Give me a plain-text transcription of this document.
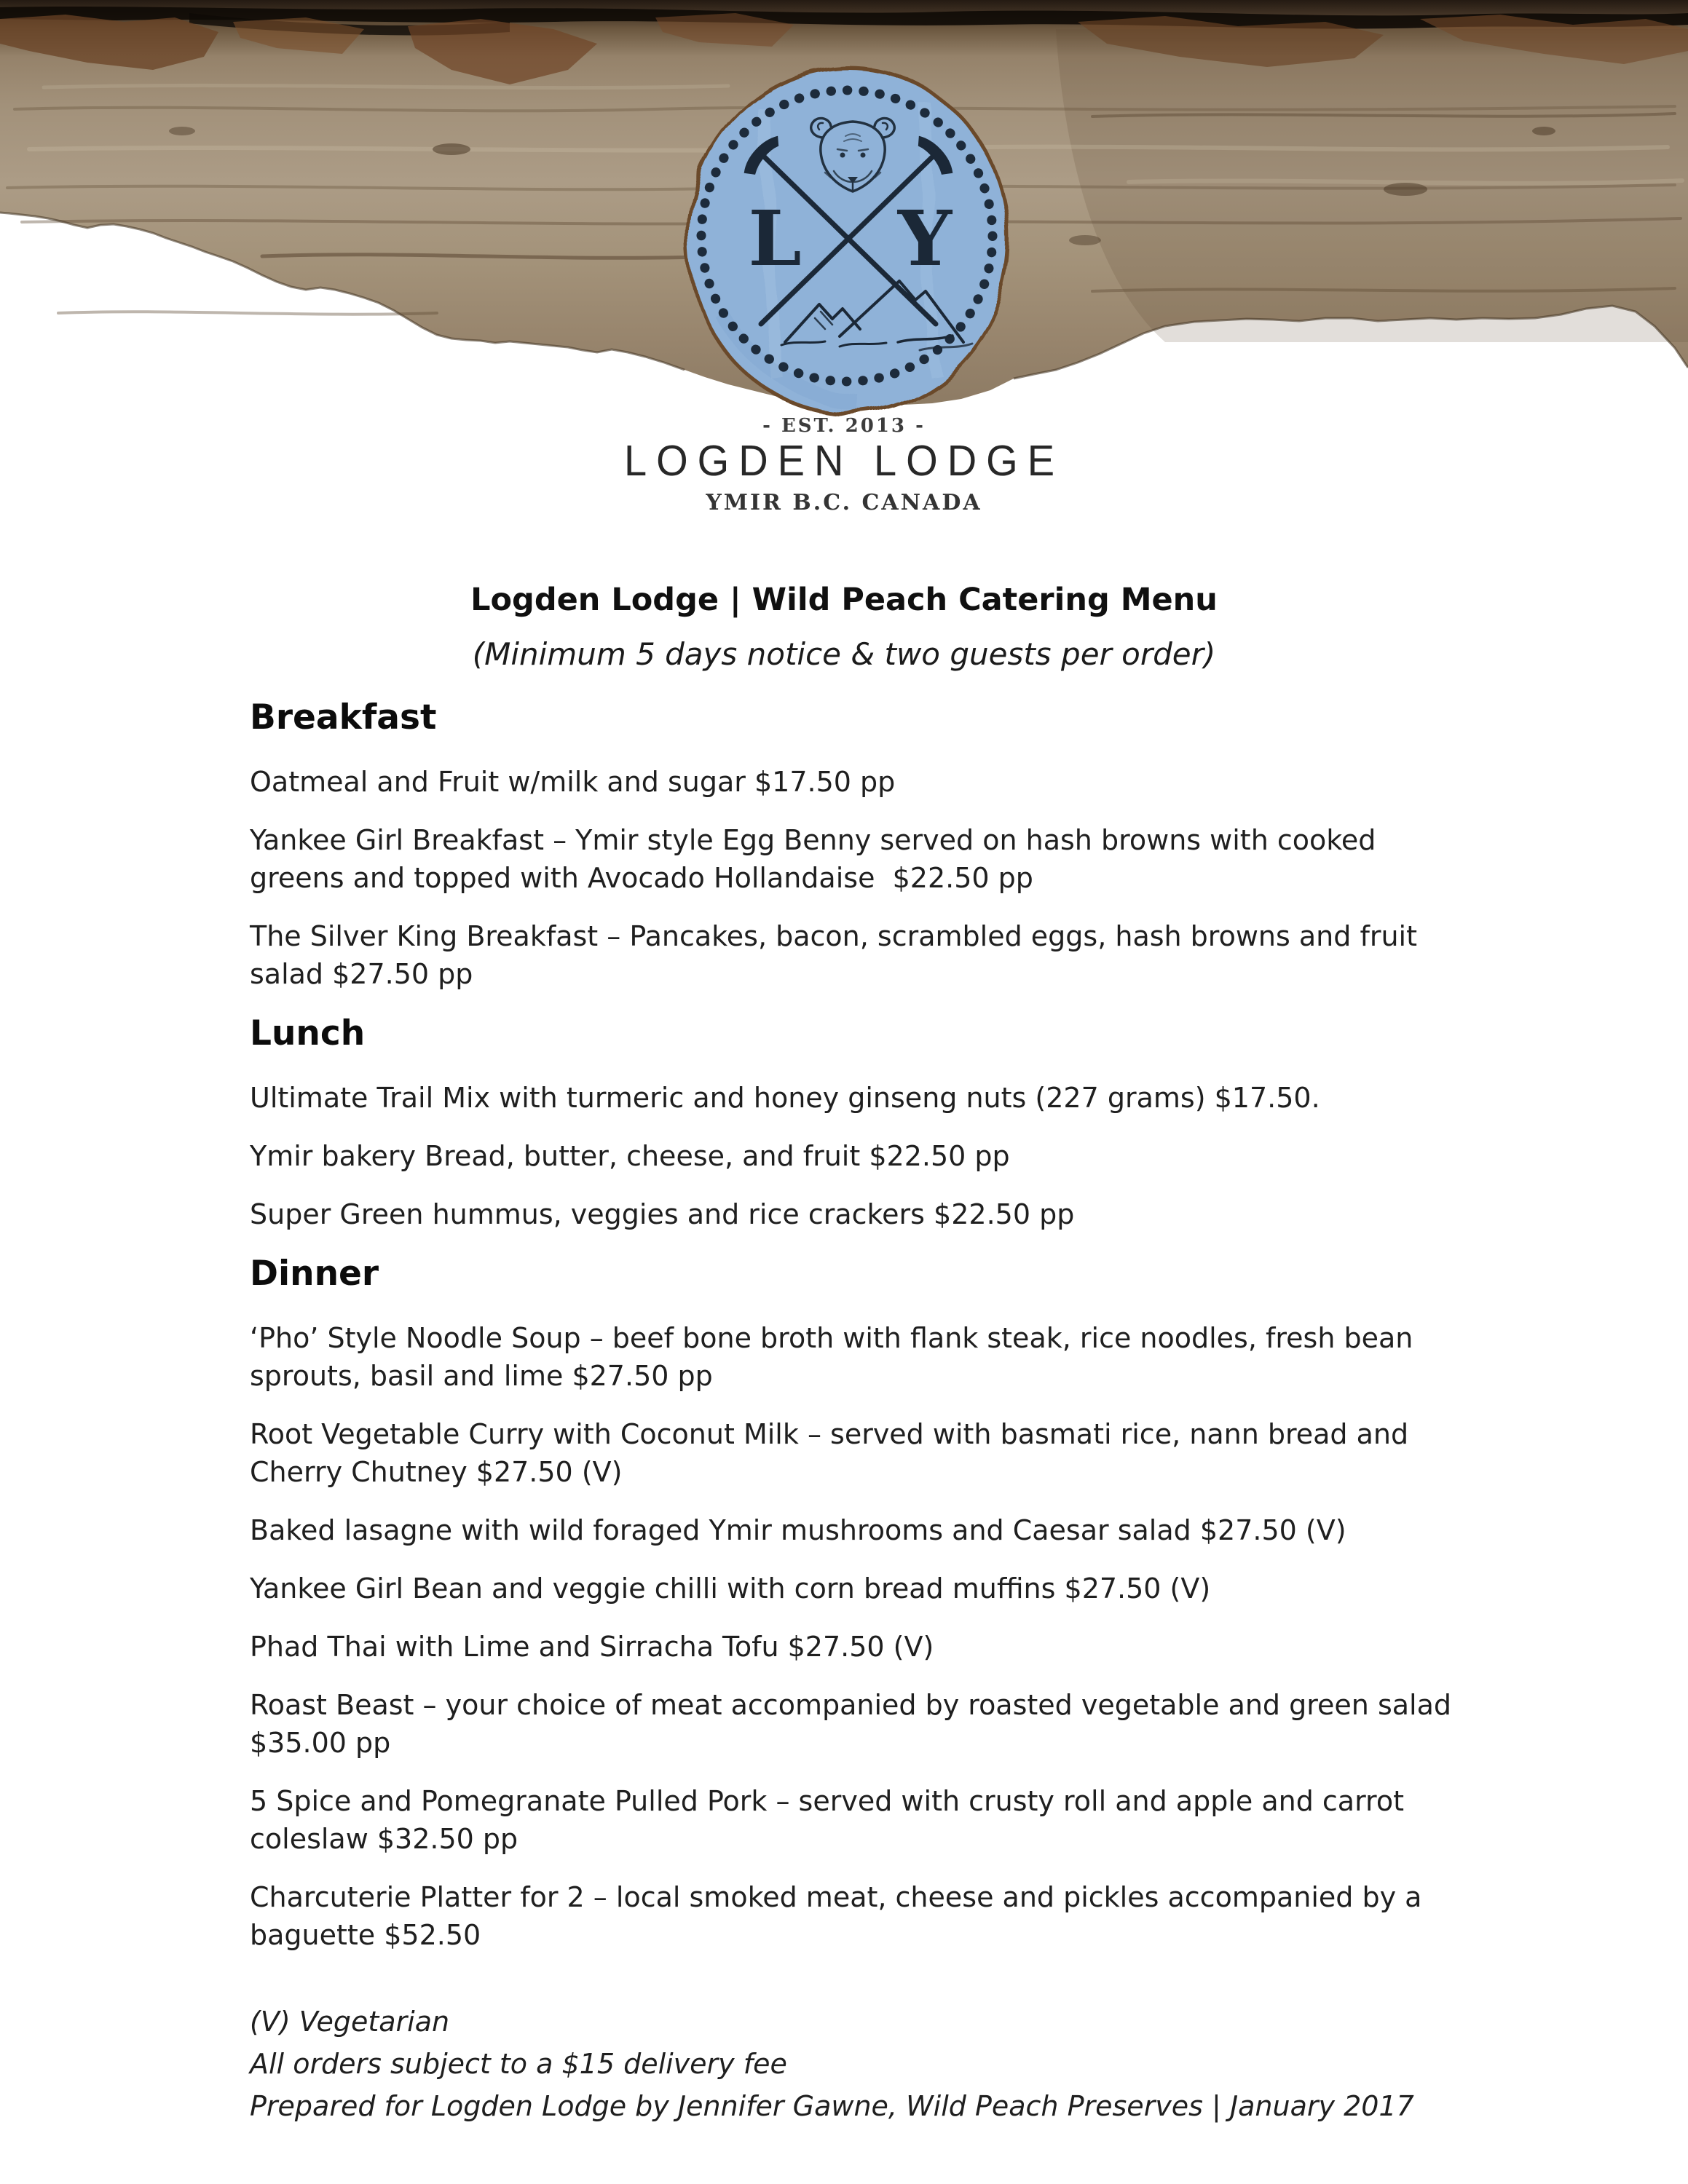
L Y
- EST. 2013 -
LOGDEN LODGE
YMIR B.C. CANADA
Logden Lodge | Wild Peach Catering Menu
(Minimum 5 days notice & two guests per order)
Breakfast

Oatmeal and Fruit w/milk and sugar $17.50 pp

Yankee Girl Breakfast – Ymir style Egg Benny served on hash browns with cooked greens and topped with Avocado Hollandaise  $22.50 pp

The Silver King Breakfast – Pancakes, bacon, scrambled eggs, hash browns and fruit salad $27.50 pp

Lunch

Ultimate Trail Mix with turmeric and honey ginseng nuts (227 grams) $17.50.

Ymir bakery Bread, butter, cheese, and fruit $22.50 pp

Super Green hummus, veggies and rice crackers $22.50 pp

Dinner

‘Pho’ Style Noodle Soup – beef bone broth with flank steak, rice noodles, fresh bean sprouts, basil and lime $27.50 pp

Root Vegetable Curry with Coconut Milk – served with basmati rice, nann bread and Cherry Chutney $27.50 (V)

Baked lasagne with wild foraged Ymir mushrooms and Caesar salad $27.50 (V)

Yankee Girl Bean and veggie chilli with corn bread muffins $27.50 (V)

Phad Thai with Lime and Sirracha Tofu $27.50 (V)

Roast Beast – your choice of meat accompanied by roasted vegetable and green salad $35.00 pp

5 Spice and Pomegranate Pulled Pork – served with crusty roll and apple and carrot coleslaw $32.50 pp

Charcuterie Platter for 2 – local smoked meat, cheese and pickles accompanied by a baguette $52.50

(V) Vegetarian

All orders subject to a $15 delivery fee

Prepared for Logden Lodge by Jennifer Gawne, Wild Peach Preserves | January 2017
